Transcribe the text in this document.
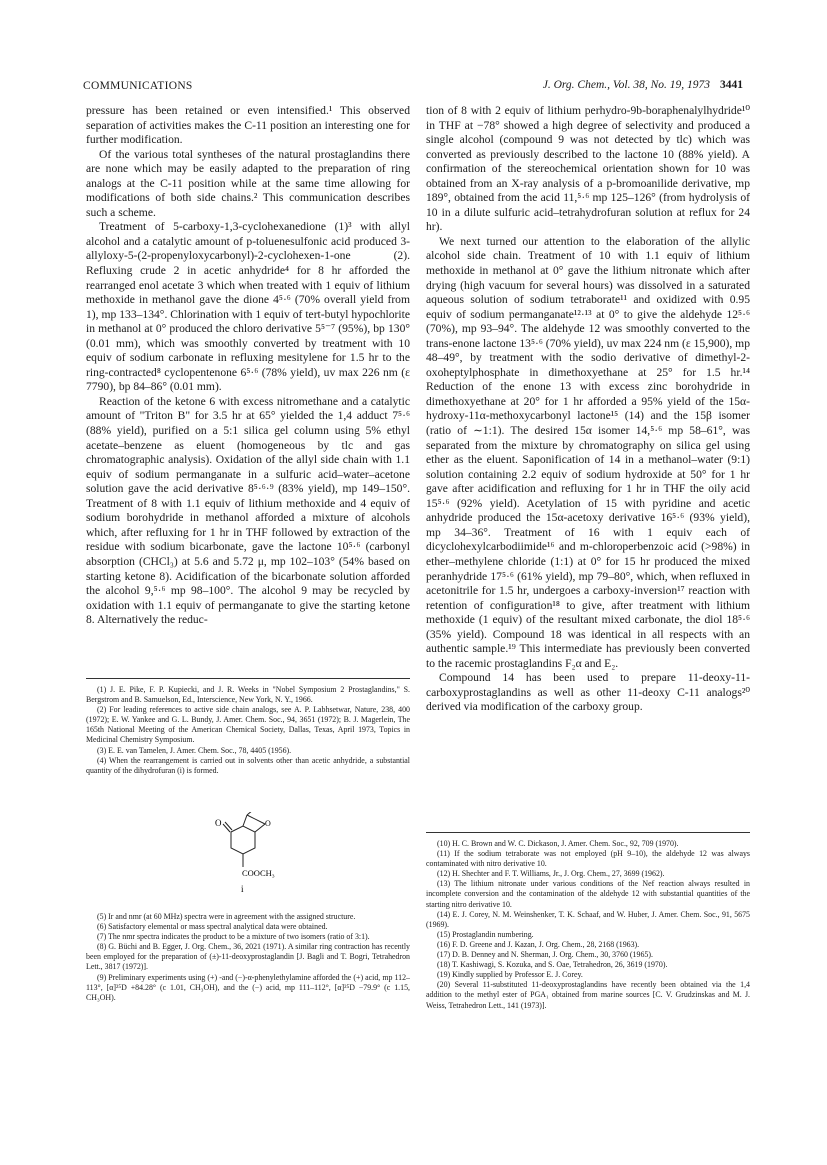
COMMUNICATIONS	J. Org. Chem., Vol. 38, No. 19, 1973 3441

pressure has been retained or even intensified.¹ This observed separation of activities makes the C-11 position an interesting one for further modification.

Of the various total syntheses of the natural prostaglandins there are none which may be easily adapted to the preparation of ring analogs at the C-11 position while at the same time allowing for modifications of both side chains.² This communication describes such a scheme.

Treatment of 5-carboxy-1,3-cyclohexanedione (1)³ with allyl alcohol and a catalytic amount of p-toluenesulfonic acid produced 3-allyloxy-5-(2-propenyloxycarbonyl)-2-cyclohexen-1-one (2). Refluxing crude 2 in acetic anhydride⁴ for 8 hr afforded the rearranged enol acetate 3 which when treated with 1 equiv of lithium methoxide in methanol gave the dione 4⁵·⁶ (70% overall yield from 1), mp 133–134°. Chlorination with 1 equiv of tert-butyl hypochlorite in methanol at 0° produced the chloro derivative 5⁵⁻⁷ (95%), bp 130° (0.01 mm), which was smoothly converted by treatment with 10 equiv of sodium carbonate in refluxing mesitylene for 1.5 hr to the ring-contracted⁸ cyclopentenone 6⁵·⁶ (78% yield), uv max 226 nm (ε 7790), bp 84–86° (0.01 mm).

Reaction of the ketone 6 with excess nitromethane and a catalytic amount of "Triton B" for 3.5 hr at 65° yielded the 1,4 adduct 7⁵·⁶ (88% yield), purified on a 5:1 silica gel column using 5% ethyl acetate–benzene as eluent (homogeneous by tlc and gas chromatographic analysis). Oxidation of the allyl side chain with 1.1 equiv of sodium permanganate in a sulfuric acid–water–acetone solution gave the acid derivative 8⁵·⁶·⁹ (83% yield), mp 149–150°. Treatment of 8 with 1.1 equiv of lithium methoxide and 4 equiv of sodium borohydride in methanol afforded a mixture of alcohols which, after refluxing for 1 hr in THF followed by extraction of the residue with sodium bicarbonate, gave the lactone 10⁵·⁶ (carbonyl absorption (CHCl₃) at 5.6 and 5.72 μ, mp 102–103° (54% based on starting ketone 8). Acidification of the bicarbonate solution afforded the alcohol 9,⁵·⁶ mp 98–100°. The alcohol 9 may be recycled by oxidation with 1.1 equiv of permanganate to give the starting ketone 8. Alternatively the reduc-

(1) J. E. Pike, F. P. Kupiecki, and J. R. Weeks in "Nobel Symposium 2 Prostaglandins," S. Bergstrom and B. Samuelson, Ed., Interscience, New York, N. Y., 1966.

(2) For leading references to active side chain analogs, see A. P. Labhsetwar, Nature, 238, 400 (1972); E. W. Yankee and G. L. Bundy, J. Amer. Chem. Soc., 94, 3651 (1972); B. J. Magerlein, The 165th National Meeting of the American Chemical Society, Dallas, Texas, April 1973, Topics in Medicinal Chemistry Symposium.

(3) E. E. van Tamelen, J. Amer. Chem. Soc., 78, 4405 (1956).

(4) When the rearrangement is carried out in solvents other than acetic anhydride, a substantial quantity of the dihydrofuran (i) is formed.

O	O
COOCH₃
i

(5) Ir and nmr (at 60 MHz) spectra were in agreement with the assigned structure.

(6) Satisfactory elemental or mass spectral analytical data were obtained.

(7) The nmr spectra indicates the product to be a mixture of two isomers (ratio of 3:1).

(8) G. Büchi and B. Egger, J. Org. Chem., 36, 2021 (1971). A similar ring contraction has recently been employed for the preparation of (±)-11-deoxyprostaglandin [J. Bagli and T. Bogri, Tetrahedron Lett., 3817 (1972)].

(9) Preliminary experiments using (+) -and (−)-α-phenylethylamine afforded the (+) acid, mp 112–113°, [α]²⁵D +84.28° (c 1.01, CH₃OH), and the (−) acid, mp 111–112°, [α]²⁵D −79.9° (c 1.15, CH₃OH).

tion of 8 with 2 equiv of lithium perhydro-9b-boraphenalylhydride¹⁰ in THF at −78° showed a high degree of selectivity and produced a single alcohol (compound 9 was not detected by tlc) which was converted as previously described to the lactone 10 (88% yield). A confirmation of the stereochemical orientation shown for 10 was obtained from an X-ray analysis of a p-bromoanilide derivative, mp 189°, obtained from the acid 11,⁵·⁶ mp 125–126° (from hydrolysis of 10 in a dilute sulfuric acid–tetrahydrofuran solution at reflux for 24 hr).

We next turned our attention to the elaboration of the allylic alcohol side chain. Treatment of 10 with 1.1 equiv of lithium methoxide in methanol at 0° gave the lithium nitronate which after drying (high vacuum for several hours) was dissolved in a saturated aqueous solution of sodium tetraborate¹¹ and oxidized with 0.95 equiv of sodium permanganate¹²·¹³ at 0° to give the aldehyde 12⁵·⁶ (70%), mp 93–94°. The aldehyde 12 was smoothly converted to the trans-enone lactone 13⁵·⁶ (70% yield), uv max 224 nm (ε 15,900), mp 48–49°, by treatment with the sodio derivative of dimethyl-2-oxoheptylphosphate in dimethoxyethane at 25° for 1.5 hr.¹⁴ Reduction of the enone 13 with excess zinc borohydride in dimethoxyethane at 20° for 1 hr afforded a 95% yield of the 15α-hydroxy-11α-methoxycarbonyl lactone¹⁵ (14) and the 15β isomer (ratio of ∼1:1). The desired 15α isomer 14,⁵·⁶ mp 58–61°, was separated from the mixture by chromatography on silica gel using ether as the eluent. Saponification of 14 in a methanol–water (9:1) solution containing 2.2 equiv of sodium hydroxide at 50° for 1 hr gave after acidification and refluxing for 1 hr in THF the oily acid 15⁵·⁶ (92% yield). Acetylation of 15 with pyridine and acetic anhydride produced the 15α-acetoxy derivative 16⁵·⁶ (93% yield), mp 34–36°. Treatment of 16 with 1 equiv each of dicyclohexylcarbodiimide¹⁶ and m-chloroperbenzoic acid (>98%) in ether–methylene chloride (1:1) at 0° for 15 hr produced the mixed peranhydride 17⁵·⁶ (61% yield), mp 79–80°, which, when refluxed in acetonitrile for 1.5 hr, undergoes a carboxy-inversion¹⁷ reaction with retention of configuration¹⁸ to give, after treatment with lithium methoxide (1 equiv) of the resultant mixed carbonate, the diol 18⁵·⁶ (35% yield). Compound 18 was identical in all respects with an authentic sample.¹⁹ This intermediate has previously been converted to the racemic prostaglandins F₂α and E₂.

Compound 14 has been used to prepare 11-deoxy-11-carboxyprostaglandins as well as other 11-deoxy C-11 analogs²⁰ derived via modification of the carboxy group.

(10) H. C. Brown and W. C. Dickason, J. Amer. Chem. Soc., 92, 709 (1970).

(11) If the sodium tetraborate was not employed (pH 9–10), the aldehyde 12 was always contaminated with nitro derivative 10.

(12) H. Shechter and F. T. Williams, Jr., J. Org. Chem., 27, 3699 (1962).

(13) The lithium nitronate under various conditions of the Nef reaction always resulted in incomplete conversion and the contamination of the aldehyde 12 with substantial quantities of the starting nitro derivative 10.

(14) E. J. Corey, N. M. Weinshenker, T. K. Schaaf, and W. Huber, J. Amer. Chem. Soc., 91, 5675 (1969).

(15) Prostaglandin numbering.

(16) F. D. Greene and J. Kazan, J. Org. Chem., 28, 2168 (1963).

(17) D. B. Denney and N. Sherman, J. Org. Chem., 30, 3760 (1965).

(18) T. Kashiwagi, S. Kozuka, and S. Oae, Tetrahedron, 26, 3619 (1970).

(19) Kindly supplied by Professor E. J. Corey.

(20) Several 11-substituted 11-deoxyprostaglandins have recently been obtained via the 1,4 addition to the methyl ester of PGA₁ obtained from marine sources [C. V. Grudzinskas and M. J. Weiss, Tetrahedron Lett., 141 (1973)].
